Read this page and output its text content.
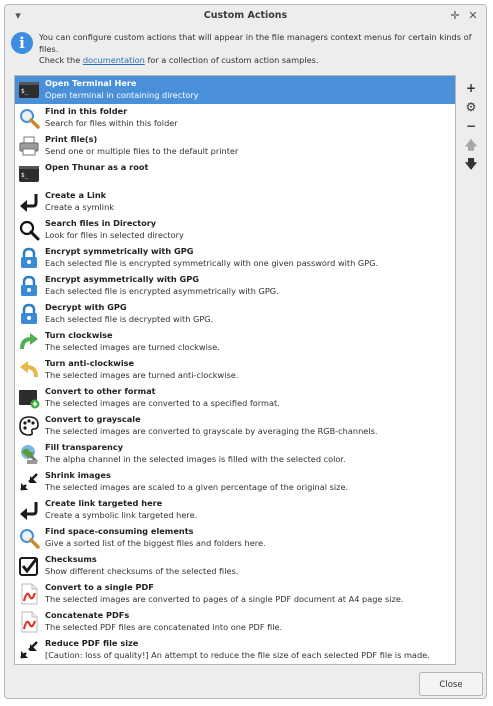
▾	Custom Actions	✛ ✕
i	You can configure custom actions that will appear in the file managers context menus for certain kinds of files.
Check the documentation for a collection of custom action samples.
$_
Open Terminal Here
Open terminal in containing directory
Find in this folder
Search for files within this folder
Print file(s)
Send one or multiple files to the default printer
$_
Open Thunar as a root
Create a Link
Create a symlink
Search files in Directory
Look for files in selected directory
Encrypt symmetrically with GPG
Each selected file is encrypted symmetrically with one given password with GPG.
Encrypt asymmetrically with GPG
Each selected file is encrypted asymmetrically with GPG.
Decrypt with GPG
Each selected file is decrypted with GPG.
Turn clockwise
The selected images are turned clockwise.
Turn anti-clockwise
The selected images are turned anti-clockwise.
Convert to other format
The selected images are converted to a specified format.
Convert to grayscale
The selected images are converted to grayscale by averaging the RGB-channels.
Fill transparency
The alpha channel in the selected images is filled with the selected color.
Shrink images
The selected images are scaled to a given percentage of the original size.
Create link targeted here
Create a symbolic link targeted here.
Find space-consuming elements
Give a sorted list of the biggest files and folders here.
Checksums
Show different checksums of the selected files.
Convert to a single PDF
The selected images are converted to pages of a single PDF document at A4 page size.
Concatenate PDFs
The selected PDF files are concatenated into one PDF file.
Reduce PDF file size
[Caution: loss of quality!] An attempt to reduce the file size of each selected PDF file is made.
+
⚙
−
🡅
🡇
Close
